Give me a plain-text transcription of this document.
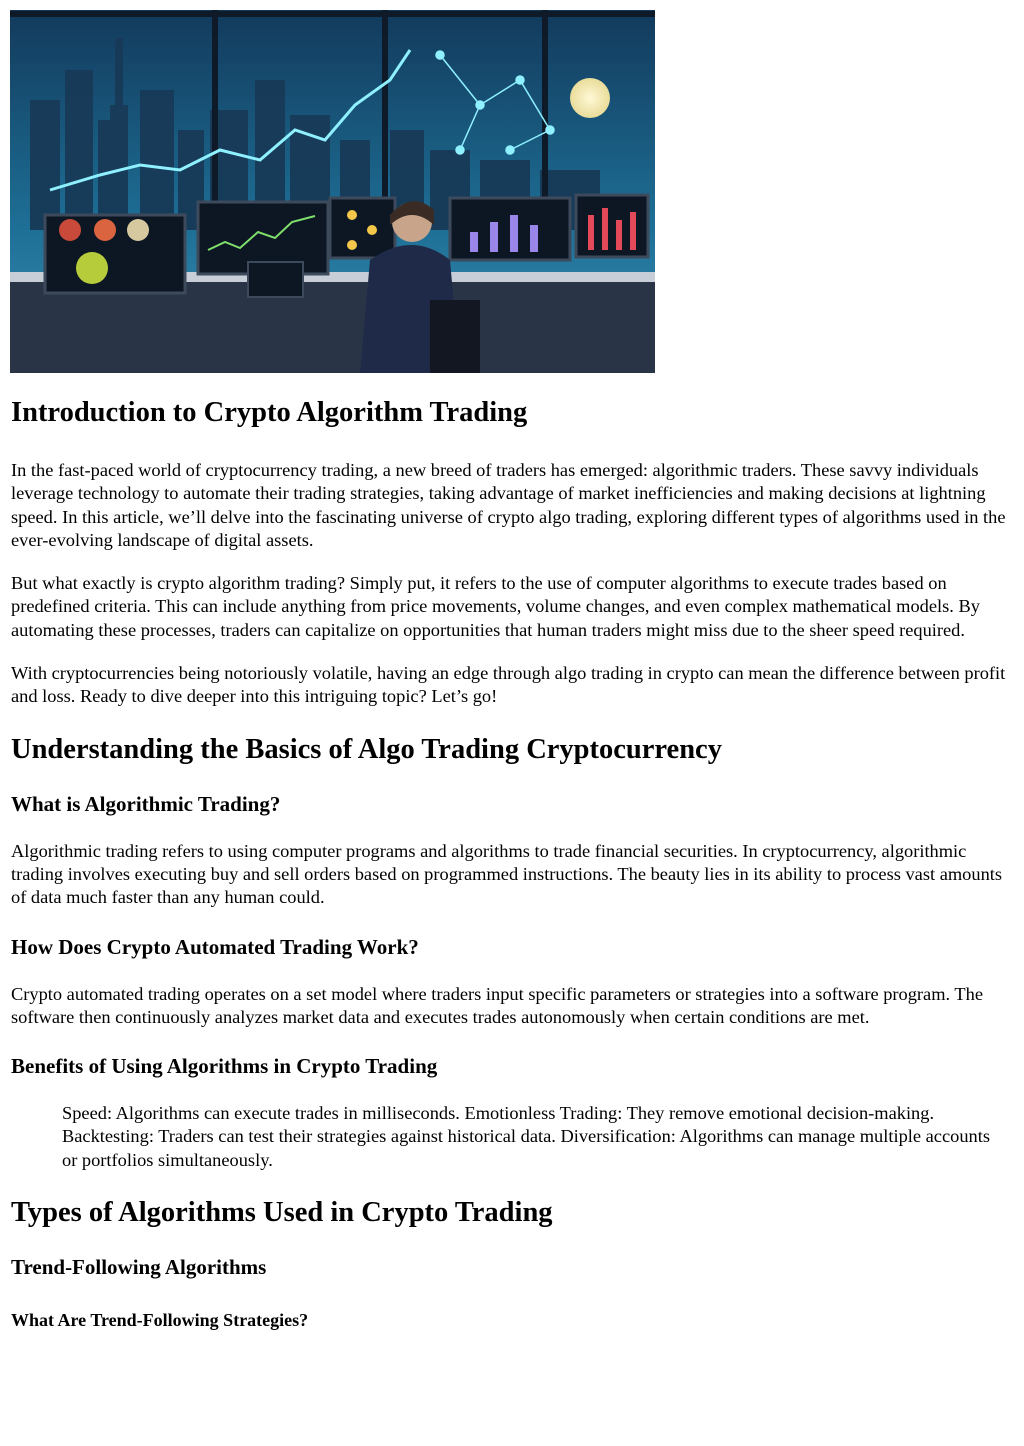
Introduction to Crypto Algorithm Trading

In the fast-paced world of cryptocurrency trading, a new breed of traders has emerged: algorithmic traders. These savvy individuals leverage technology to automate their trading strategies, taking advantage of market inefficiencies and making decisions at lightning speed. In this article, we’ll delve into the fascinating universe of crypto algo trading, exploring different types of algorithms used in the ever-evolving landscape of digital assets.

But what exactly is crypto algorithm trading? Simply put, it refers to the use of computer algorithms to execute trades based on predefined criteria. This can include anything from price movements, volume changes, and even complex mathematical models. By automating these processes, traders can capitalize on opportunities that human traders might miss due to the sheer speed required.

With cryptocurrencies being notoriously volatile, having an edge through algo trading in crypto can mean the difference between profit and loss. Ready to dive deeper into this intriguing topic? Let’s go!

Understanding the Basics of Algo Trading Cryptocurrency
What is Algorithmic Trading?

Algorithmic trading refers to using computer programs and algorithms to trade financial securities. In cryptocurrency, algorithmic trading involves executing buy and sell orders based on programmed instructions. The beauty lies in its ability to process vast amounts of data much faster than any human could.

How Does Crypto Automated Trading Work?

Crypto automated trading operates on a set model where traders input specific parameters or strategies into a software program. The software then continuously analyzes market data and executes trades autonomously when certain conditions are met.

Benefits of Using Algorithms in Crypto Trading
Speed: Algorithms can execute trades in milliseconds. Emotionless Trading: They remove emotional decision-making. Backtesting: Traders can test their strategies against historical data. Diversification: Algorithms can manage multiple accounts or portfolios simultaneously.
Types of Algorithms Used in Crypto Trading
Trend-Following Algorithms
What Are Trend-Following Strategies?
